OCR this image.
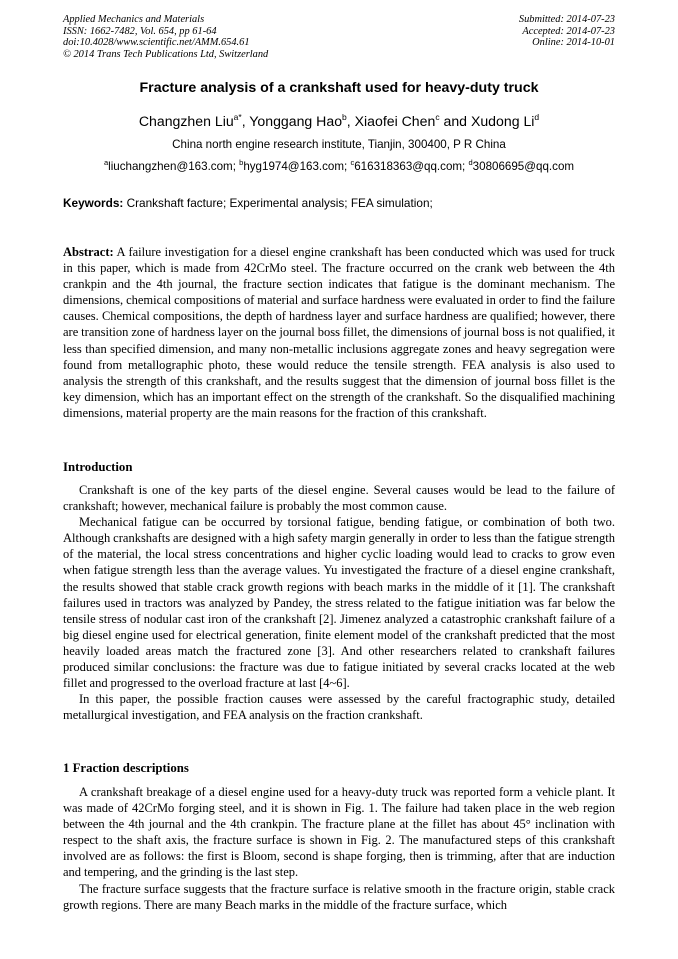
Applied Mechanics and Materials
ISSN: 1662-7482, Vol. 654, pp 61-64
doi:10.4028/www.scientific.net/AMM.654.61
© 2014 Trans Tech Publications Ltd, Switzerland
Submitted: 2014-07-23
Accepted: 2014-07-23
Online: 2014-10-01
Fracture analysis of a crankshaft used for heavy-duty truck
Changzhen Liu$^{a*}$, Yonggang Hao$^b$, Xiaofei Chen$^c$ and Xudong Li$^d$
China north engine research institute, Tianjin, 300400, P R China
$^a$liuchangzhen@163.com; $^b$hyg1974@163.com; $^c$616318363@qq.com; $^d$30806695@qq.com
Keywords: Crankshaft facture; Experimental analysis; FEA simulation;
Abstract: A failure investigation for a diesel engine crankshaft has been conducted which was used for truck in this paper, which is made from 42CrMo steel. The fracture occurred on the crank web between the 4th crankpin and the 4th journal, the fracture section indicates that fatigue is the dominant mechanism. The dimensions, chemical compositions of material and surface hardness were evaluated in order to find the failure causes. Chemical compositions, the depth of hardness layer and surface hardness are qualified; however, there are transition zone of hardness layer on the journal boss fillet, the dimensions of journal boss is not qualified, it less than specified dimension, and many non-metallic inclusions aggregate zones and heavy segregation were found from metallographic photo, these would reduce the tensile strength. FEA analysis is also used to analysis the strength of this crankshaft, and the results suggest that the dimension of journal boss fillet is the key dimension, which has an important effect on the strength of the crankshaft. So the disqualified machining dimensions, material property are the main reasons for the fraction of this crankshaft.
Introduction

Crankshaft is one of the key parts of the diesel engine. Several causes would be lead to the failure of crankshaft; however, mechanical failure is probably the most common cause.

Mechanical fatigue can be occurred by torsional fatigue, bending fatigue, or combination of both two. Although crankshafts are designed with a high safety margin generally in order to less than the fatigue strength of the material, the local stress concentrations and higher cyclic loading would lead to cracks to grow even when fatigue strength less than the average values. Yu investigated the fracture of a diesel engine crankshaft, the results showed that stable crack growth regions with beach marks in the middle of it [1]. The crankshaft failures used in tractors was analyzed by Pandey, the stress related to the fatigue initiation was far below the tensile stress of nodular cast iron of the crankshaft [2]. Jimenez analyzed a catastrophic crankshaft failure of a big diesel engine used for electrical generation, finite element model of the crankshaft predicted that the most heavily loaded areas match the fractured zone [3]. And other researchers related to crankshaft failures produced similar conclusions: the fracture was due to fatigue initiated by several cracks located at the web fillet and progressed to the overload fracture at last [4~6].

In this paper, the possible fraction causes were assessed by the careful fractographic study, detailed metallurgical investigation, and FEA analysis on the fraction crankshaft.

1 Fraction descriptions

A crankshaft breakage of a diesel engine used for a heavy-duty truck was reported form a vehicle plant. It was made of 42CrMo forging steel, and it is shown in Fig. 1. The failure had taken place in the web region between the 4th journal and the 4th crankpin. The fracture plane at the fillet has about 45° inclination with respect to the shaft axis, the fracture surface is shown in Fig. 2. The manufactured steps of this crankshaft involved are as follows: the first is Bloom, second is shape forging, then is trimming, after that are induction and tempering, and the grinding is the last step.

The fracture surface suggests that the fracture surface is relative smooth in the fracture origin, stable crack growth regions. There are many Beach marks in the middle of the fracture surface, which
